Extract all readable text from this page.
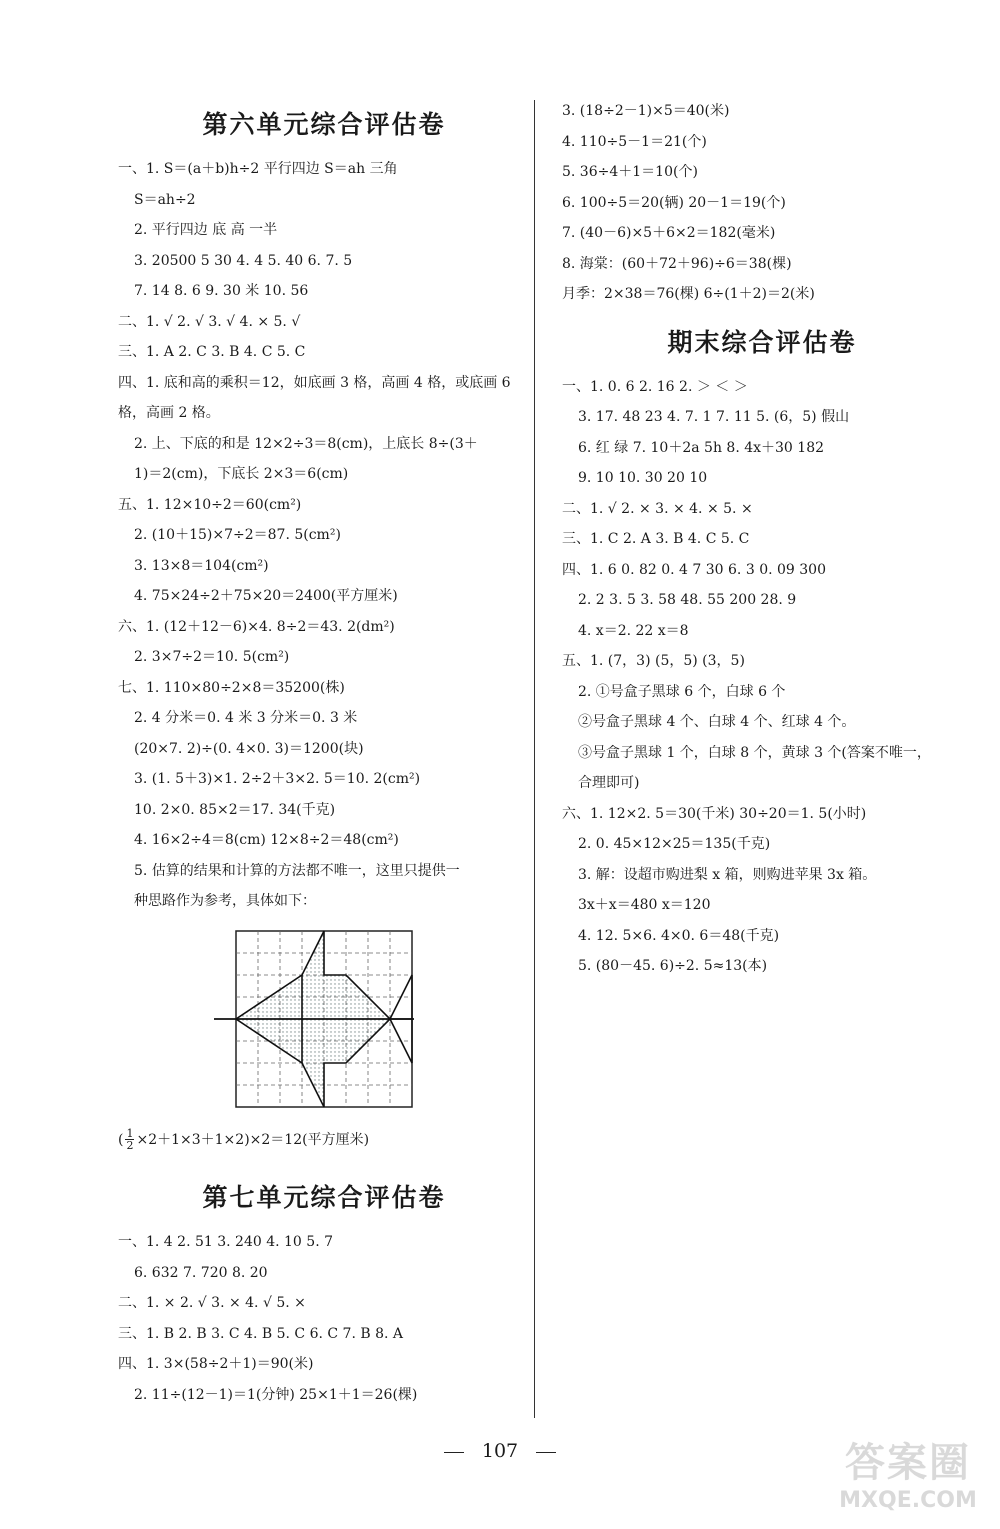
第六单元综合评估卷
一、1. S＝(a＋b)h÷2 平行四边 S＝ah 三角
S＝ah÷2
2. 平行四边 底 高 一半
3. 20500 5 30 4. 4 5. 40 6. 7. 5
7. 14 8. 6 9. 30 米 10. 56
二、1. √ 2. √ 3. √ 4. × 5. √
三、1. A 2. C 3. B 4. C 5. C
四、1. 底和高的乘积＝12，如底画 3 格，高画 4 格，或底画 6
格，高画 2 格。
2. 上、下底的和是 12×2÷3＝8(cm)，上底长 8÷(3＋
1)＝2(cm)，下底长 2×3＝6(cm)
五、1. 12×10÷2＝60(cm²)
2. (10＋15)×7÷2＝87. 5(cm²)
3. 13×8＝104(cm²)
4. 75×24÷2＋75×20＝2400(平方厘米)
六、1. (12＋12－6)×4. 8÷2＝43. 2(dm²)
2. 3×7÷2＝10. 5(cm²)
七、1. 110×80÷2×8＝35200(株)
2. 4 分米＝0. 4 米 3 分米＝0. 3 米
(20×7. 2)÷(0. 4×0. 3)＝1200(块)
3. (1. 5＋3)×1. 2÷2＋3×2. 5＝10. 2(cm²)
10. 2×0. 85×2＝17. 34(千克)
4. 16×2÷4＝8(cm) 12×8÷2＝48(cm²)
5. 估算的结果和计算的方法都不唯一，这里只提供一
种思路作为参考，具体如下：
( $\frac{1}{2} \times 2+1\times 3+1\times 2)\times 2=12$(平方厘米)
第七单元综合评估卷
一、1. 4 2. 51 3. 240 4. 10 5. 7
6. 632 7. 720 8. 20
二、1. × 2. √ 3. × 4. √ 5. ×
三、1. B 2. B 3. C 4. B 5. C 6. C 7. B 8. A
四、1. 3×(58÷2＋1)＝90(米)
2. 11÷(12－1)＝1(分钟) 25×1＋1＝26(棵)
3. (18÷2－1)×5＝40(米)
4. 110÷5－1＝21(个)
5. 36÷4＋1＝10(个)
6. 100÷5＝20(辆) 20－1＝19(个)
7. (40－6)×5＋6×2＝182(毫米)
8. 海棠：(60＋72＋96)÷6＝38(棵)
月季：2×38＝76(棵) 6÷(1＋2)＝2(米)
期末综合评估卷
一、1. 0. 6 2. 16 2. ＞ ＜ ＞
3. 17. 48 23 4. 7. 1 7. 11 5. (6，5) 假山
6. 红 绿 7. 10＋2a 5h 8. 4x＋30 182
9. 10 10. 30 20 10
二、1. √ 2. × 3. × 4. × 5. ×
三、1. C 2. A 3. B 4. C 5. C
四、1. 6 0. 82 0. 4 7 30 6. 3 0. 09 300
2. 2 3. 5 3. 58 48. 55 200 28. 9
4. x＝2. 22 x＝8
五、1. (7，3) (5，5) (3，5)
2. ①号盒子黑球 6 个，白球 6 个
②号盒子黑球 4 个、白球 4 个、红球 4 个。
③号盒子黑球 1 个，白球 8 个，黄球 3 个(答案不唯一，
合理即可)
六、1. 12×2. 5＝30(千米) 30÷20＝1. 5(小时)
2. 0. 45×12×25＝135(千克)
3. 解：设超市购进梨 x 箱，则购进苹果 3x 箱。
3x＋x＝480 x＝120
4. 12. 5×6. 4×0. 6＝48(千克)
5. (80－45. 6)÷2. 5≈13(本)
107	答案圈
MXQE.COM
